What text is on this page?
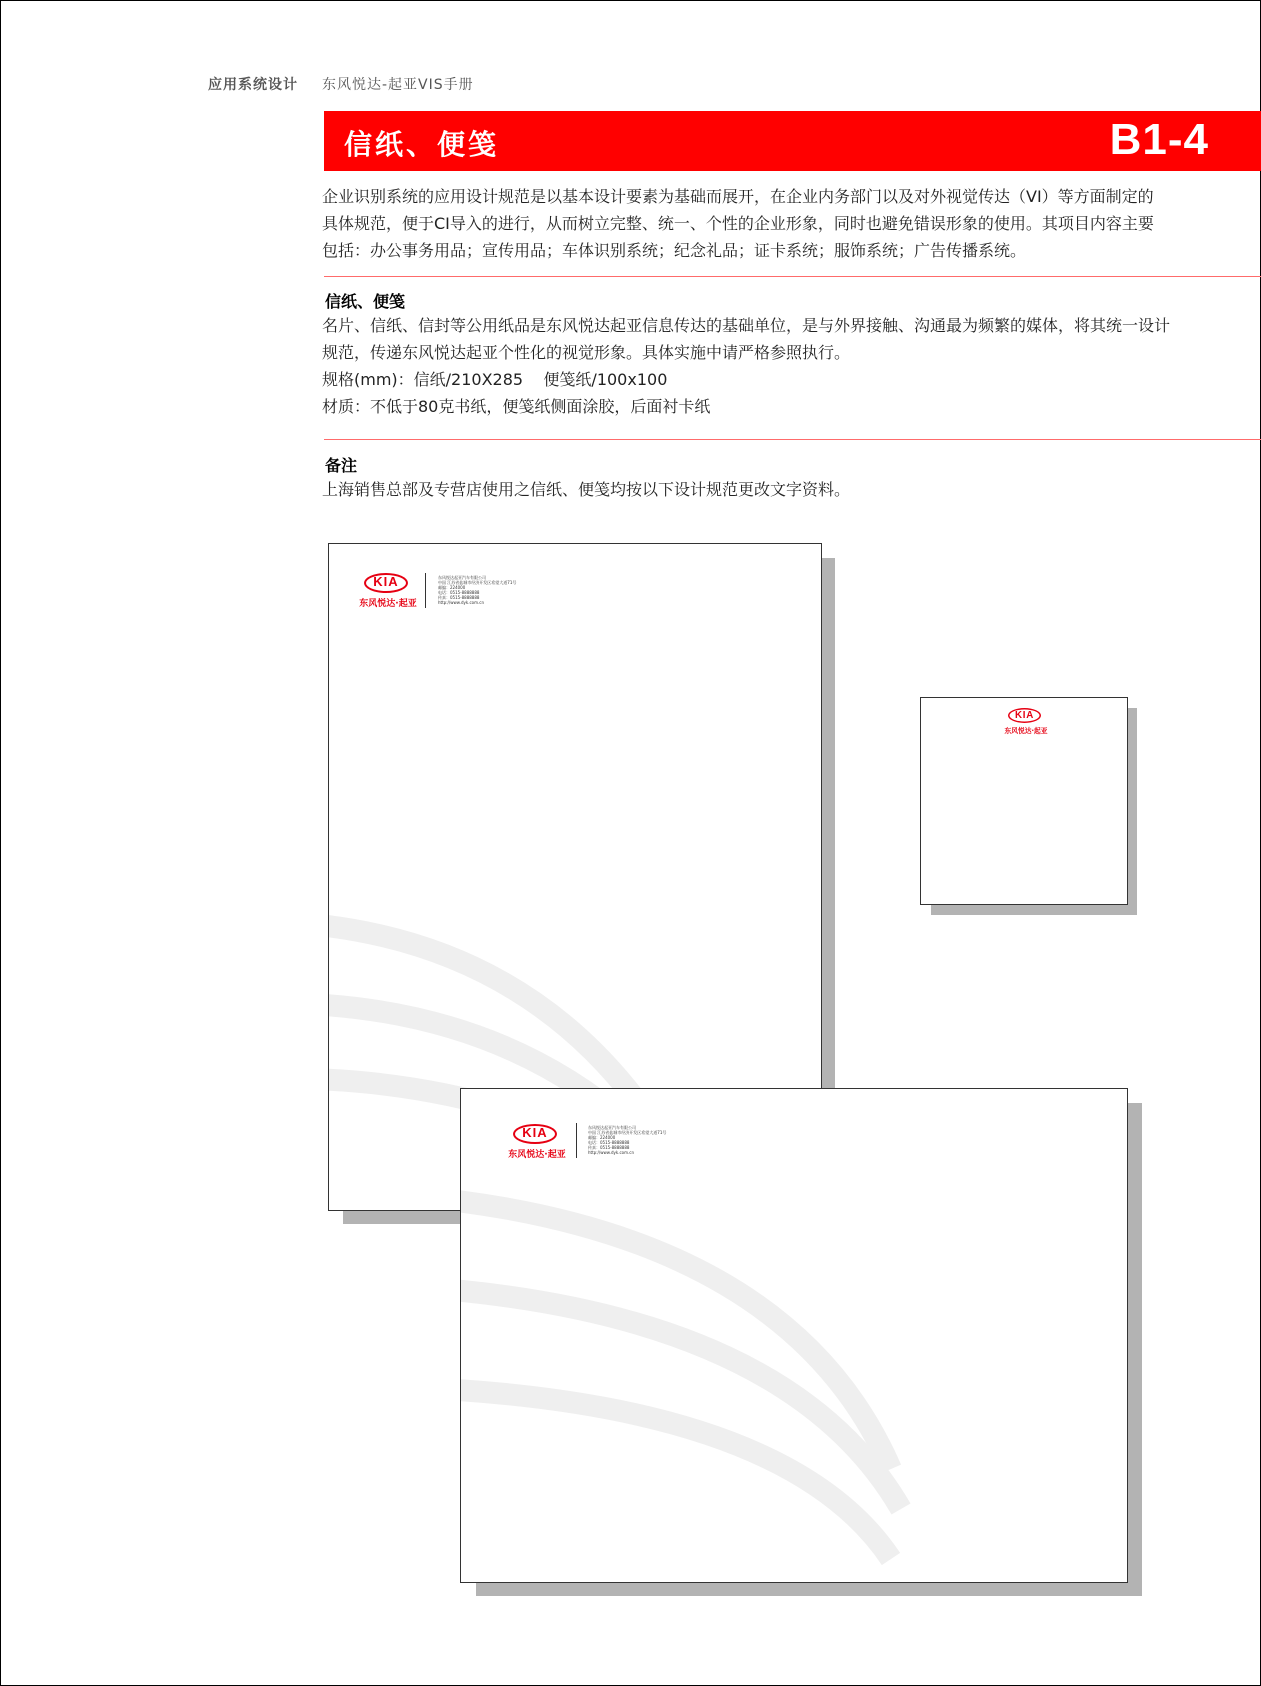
应用系统设计 东风悦达-起亚VIS手册
信纸、便笺	B1-4
企业识别系统的应用设计规范是以基本设计要素为基础而展开，在企业内务部门以及对外视觉传达（VI）等方面制定的
具体规范，便于CI导入的进行，从而树立完整、统一、个性的企业形象，同时也避免错误形象的使用。其项目内容主要
包括：办公事务用品；宣传用品；车体识别系统；纪念礼品；证卡系统；服饰系统；广告传播系统。
信纸、便笺
名片、信纸、信封等公用纸品是东风悦达起亚信息传达的基础单位，是与外界接触、沟通最为频繁的媒体，将其统一设计
规范，传递东风悦达起亚个性化的视觉形象。具体实施中请严格参照执行。
规格(mm)：信纸/210X285    便笺纸/100x100
材质：不低于80克书纸，便笺纸侧面涂胶，后面衬卡纸
备注
上海销售总部及专营店使用之信纸、便笺均按以下设计规范更改文字资料。
KIA
东风悦达·起亚
东风悦达起亚汽车有限公司
中国 江苏省盐城市经济开发区希望大道71号
邮编：224000
电话：0515-8888888
传真：0515-8888888
http://www.dyk.com.cn
KIA
东风悦达·起亚
KIA
东风悦达·起亚
东风悦达起亚汽车有限公司
中国 江苏省盐城市经济开发区希望大道71号
邮编：224000
电话：0515-8888888
传真：0515-8888888
http://www.dyk.com.cn
